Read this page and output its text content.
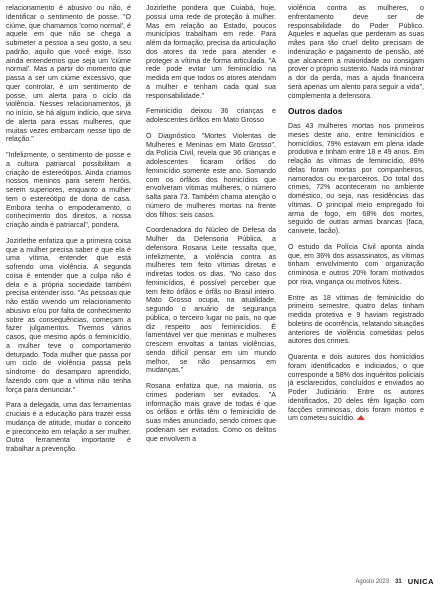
relacionamento é abusivo ou não, é identificar o sentimento de posse. "O ciúme, que chamamos 'como normal', é aquele em que não se chega a submeter a pessoa a seu gosto, a seu padrão, aquilo que você exige. Isso ainda entendemos que seja um 'ciúme normal'. Mas a partir do momento que passa a ser um ciúme excessivo, que quer controlar, é um sentimento de posse, um alerta para o ciclo da violência. Nesses relacionamentos, já no início, se há algum indício, que sirva de alerta para essas mulheres, que muitas vezes embarcam nesse tipo de relação."

"Infelizmente, o sentimento de posse e a cultura patriarcal possibilitam a criação de estereótipos. Ainda criamos nossos meninos para serem heróis, serem superiores, enquanto a mulher tem o estereótipo de dona de casa. Embora tenha o empoderamento, o conhecimento dos direitos, a nossa criação ainda é patriarcal", pondera.

Jozirlethe enfatiza que a primeira coisa que a mulher precisa saber é que ela é uma vítima, entender que está sofrendo uma violência. A segunda coisa é entender que a culpa não é dela e a própria sociedade também precisa entender isso. "As pessoas que não estão vivendo um relacionamento abusivo e/ou por falta de conhecimento sobre as consequências, começam a fazer julgamentos. Tivemos vários casos, que mesmo após o feminicídio, a mulher teve o comportamento deturpado. Toda mulher que passa por um ciclo de violência passa pela síndrome do desamparo aprendido, fazendo com que a vítima não tenha força para denunciar."

Para a delegada, uma das ferramentas cruciais é a educação para trazer essa mudança de atitude, mudar o conceito e preconceito em relação a ser mulher. Outra ferramenta importante é trabalhar a prevenção.

Jozirlethe pondera que Cuiabá, hoje, possui uma rede de proteção à mulher. Mas em relação ao Estado, poucos municípios trabalham em rede. Para além da formação, precisa da articulação dos atores da rede para atender e proteger a vítima de forma articulada. "A rede pode evitar um feminicídio na medida em que todos os atores atendam a mulher e tenham cada qual sua responsabilidade."

Feminicídio deixou 36 crianças e adolescentes órfãos em Mato Grosso

O Diagnóstico "Mortes Violentas de Mulheres e Meninas em Mato Grosso", da Polícia Civil, revela que 36 crianças e adolescentes ficaram órfãos do feminicídio somente este ano. Somando com os órfãos dos homicídios que envolveram vítimas mulheres, o número salta para 73. Também chama atenção o número de mulheres mortas na frente dos filhos: seis casos.

Coordenadora do Núcleo de Defesa da Mulher da Defensoria Pública, a defensora Rosana Leite ressalta que, infelizmente, a violência contra as mulheres tem feito vítimas diretas e indiretas todos os dias. "No caso dos feminicídios, é possível perceber que tem feito órfãos e órfãs no Brasil inteiro. Mato Grosso ocupa, na atualidade, segundo o anuário de segurança pública, o terceiro lugar no país, no que diz respeito aos feminicídios. É lamentável ver que meninas e mulheres crescem envoltas a tantas violências, sendo difícil pensar em um mundo melhor, se não pensarmos em mudanças."

Rosana enfatiza que, na maioria, os crimes poderiam ser evitados. "A informação mais grave de todas é que os órfãos e órfãs têm o feminicídio de suas mães anunciado, sendo crimes que poderiam ser evitados. Como os delitos que envolvem a

violência contra as mulheres, o enfrentamento deve ser de responsabilidade do Poder Público. Aqueles e aquelas que perderam as suas mães para tão cruel delito precisam de indenização e pagamento de pensão, até que alcancem a maioridade ou consigam prover o próprio sustento. Nada irá minorar a dor da perda, mas a ajuda financeira será apenas um alento para seguir a vida", complementa a defensora.

Outros dados

Das 43 mulheres mortas nos primeiros meses deste ano, entre feminicídios e homicídios, 79% estavam em plena idade produtiva e tinham entre 18 e 49 anos. Em relação às vítimas de feminicídio, 89% delas foram mortas por companheiros, namorados ou ex-parceiros. Do total dos crimes, 72% aconteceram no ambiente doméstico, ou seja, nas residências das vítimas. O principal meio empregado foi arma de fogo, em 68% dos mortes, seguido de outras armas brancas (faca, canivete, facão).

O estudo da Polícia Civil aponta ainda que, em 36% dos assassinatos, as vítimas tinham envolvimento com organização criminosa e outros 20% foram motivados por rixa, vingança ou motivos fúteis.

Entre as 18 vítimas de feminicídio do primeiro semestre, quatro delas tinham medida protetiva e 9 haviam registrado boletins de ocorrência, relatando situações anteriores de violência cometidas pelos autores dos crimes.

Quarenta e dois autores dos homicídios foram identificados e indiciados, o que corresponde a 58% dos inquéritos policiais já esclarecidos, concluídos e enviados ao Poder Judiciário. Entre os autores identificados, 20 deles têm ligação com facções criminosas, dois foram mortos e um cometeu suicídio.

Agosto 2023 31 UNICA
